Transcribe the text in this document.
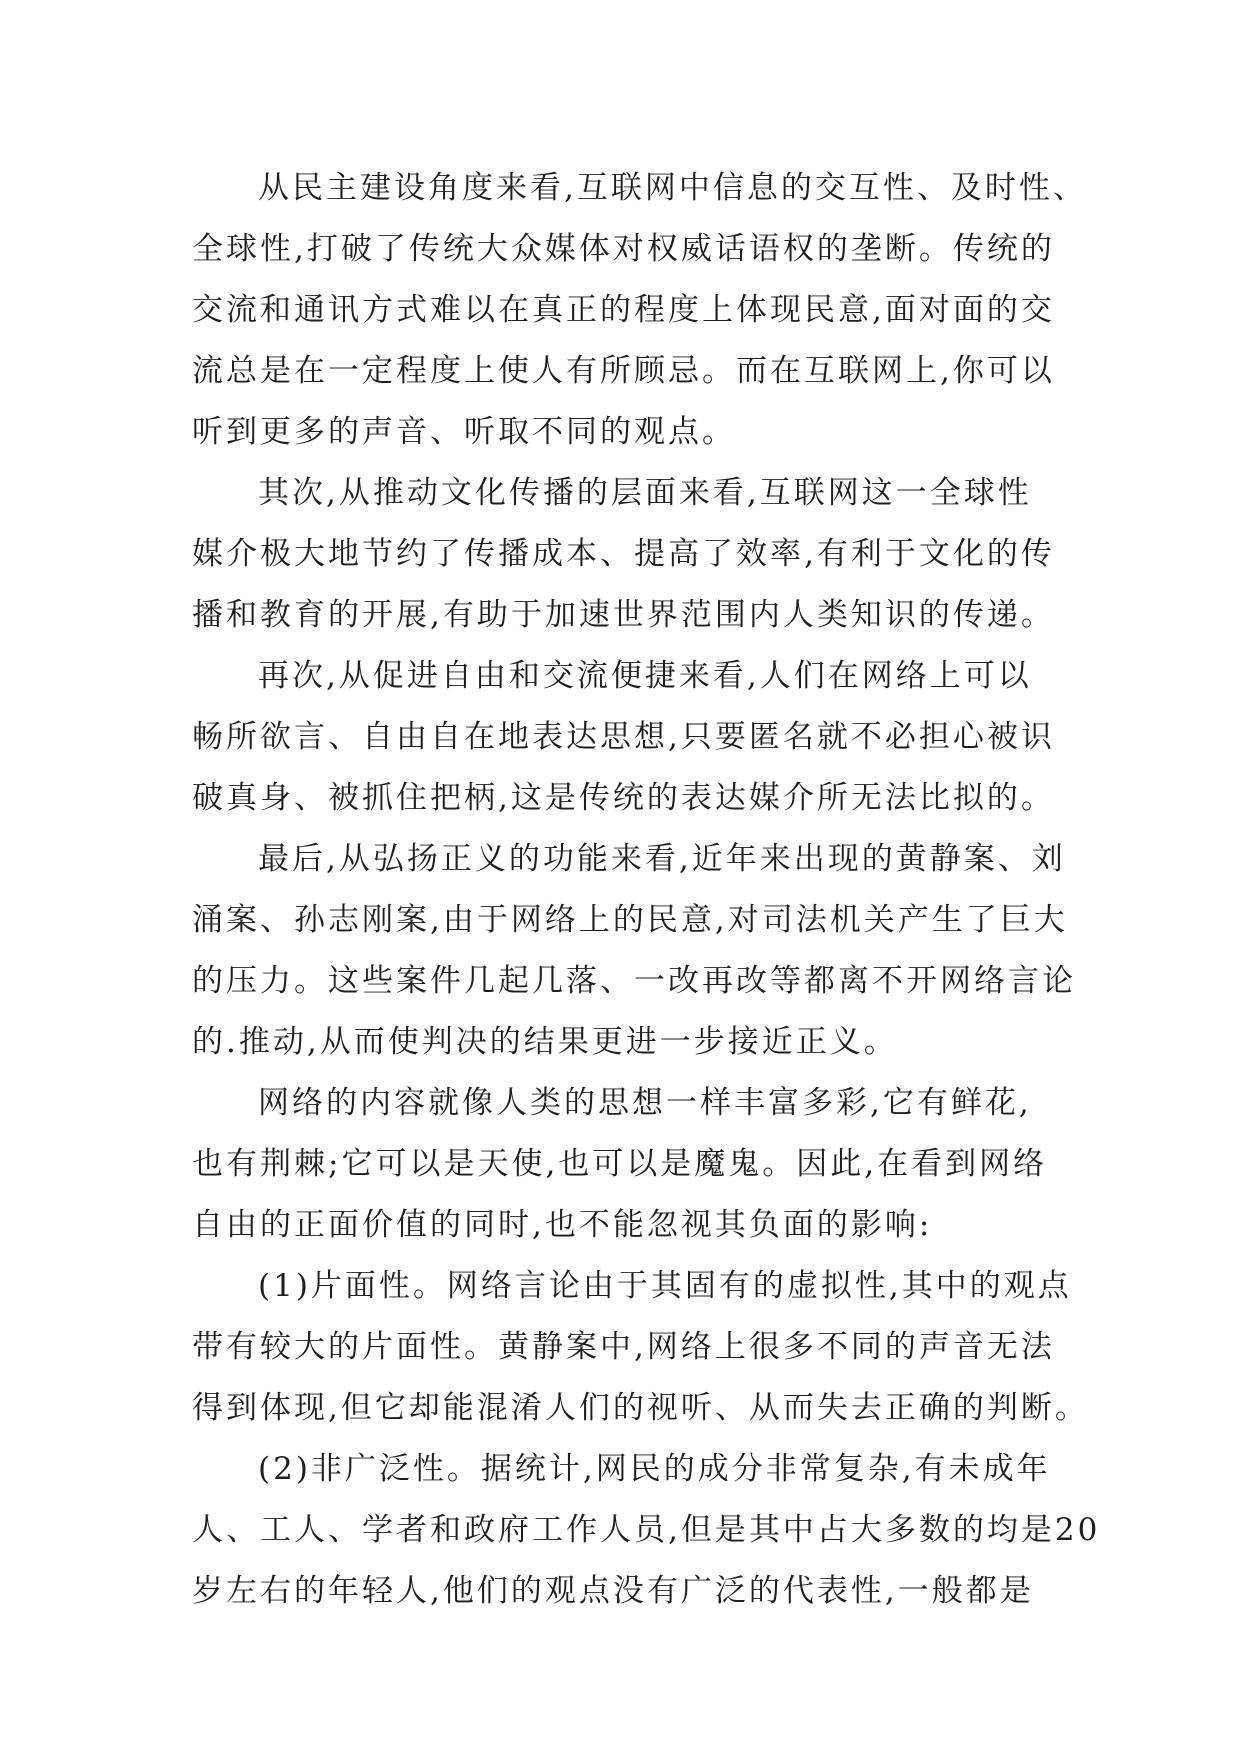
从民主建设角度来看,互联网中信息的交互性、及时性、
全球性,打破了传统大众媒体对权威话语权的垄断。传统的
交流和通讯方式难以在真正的程度上体现民意,面对面的交
流总是在一定程度上使人有所顾忌。而在互联网上,你可以
听到更多的声音、听取不同的观点。
其次,从推动文化传播的层面来看,互联网这一全球性
媒介极大地节约了传播成本、提高了效率,有利于文化的传
播和教育的开展,有助于加速世界范围内人类知识的传递。
再次,从促进自由和交流便捷来看,人们在网络上可以
畅所欲言、自由自在地表达思想,只要匿名就不必担心被识
破真身、被抓住把柄,这是传统的表达媒介所无法比拟的。
最后,从弘扬正义的功能来看,近年来出现的黄静案、刘
涌案、孙志刚案,由于网络上的民意,对司法机关产生了巨大
的压力。这些案件几起几落、一改再改等都离不开网络言论
的.推动,从而使判决的结果更进一步接近正义。
网络的内容就像人类的思想一样丰富多彩,它有鲜花,
也有荆棘;它可以是天使,也可以是魔鬼。因此,在看到网络
自由的正面价值的同时,也不能忽视其负面的影响:
(1)片面性。网络言论由于其固有的虚拟性,其中的观点
带有较大的片面性。黄静案中,网络上很多不同的声音无法
得到体现,但它却能混淆人们的视听、从而失去正确的判断。
(2)非广泛性。据统计,网民的成分非常复杂,有未成年
人、工人、学者和政府工作人员,但是其中占大多数的均是20
岁左右的年轻人,他们的观点没有广泛的代表性,一般都是
